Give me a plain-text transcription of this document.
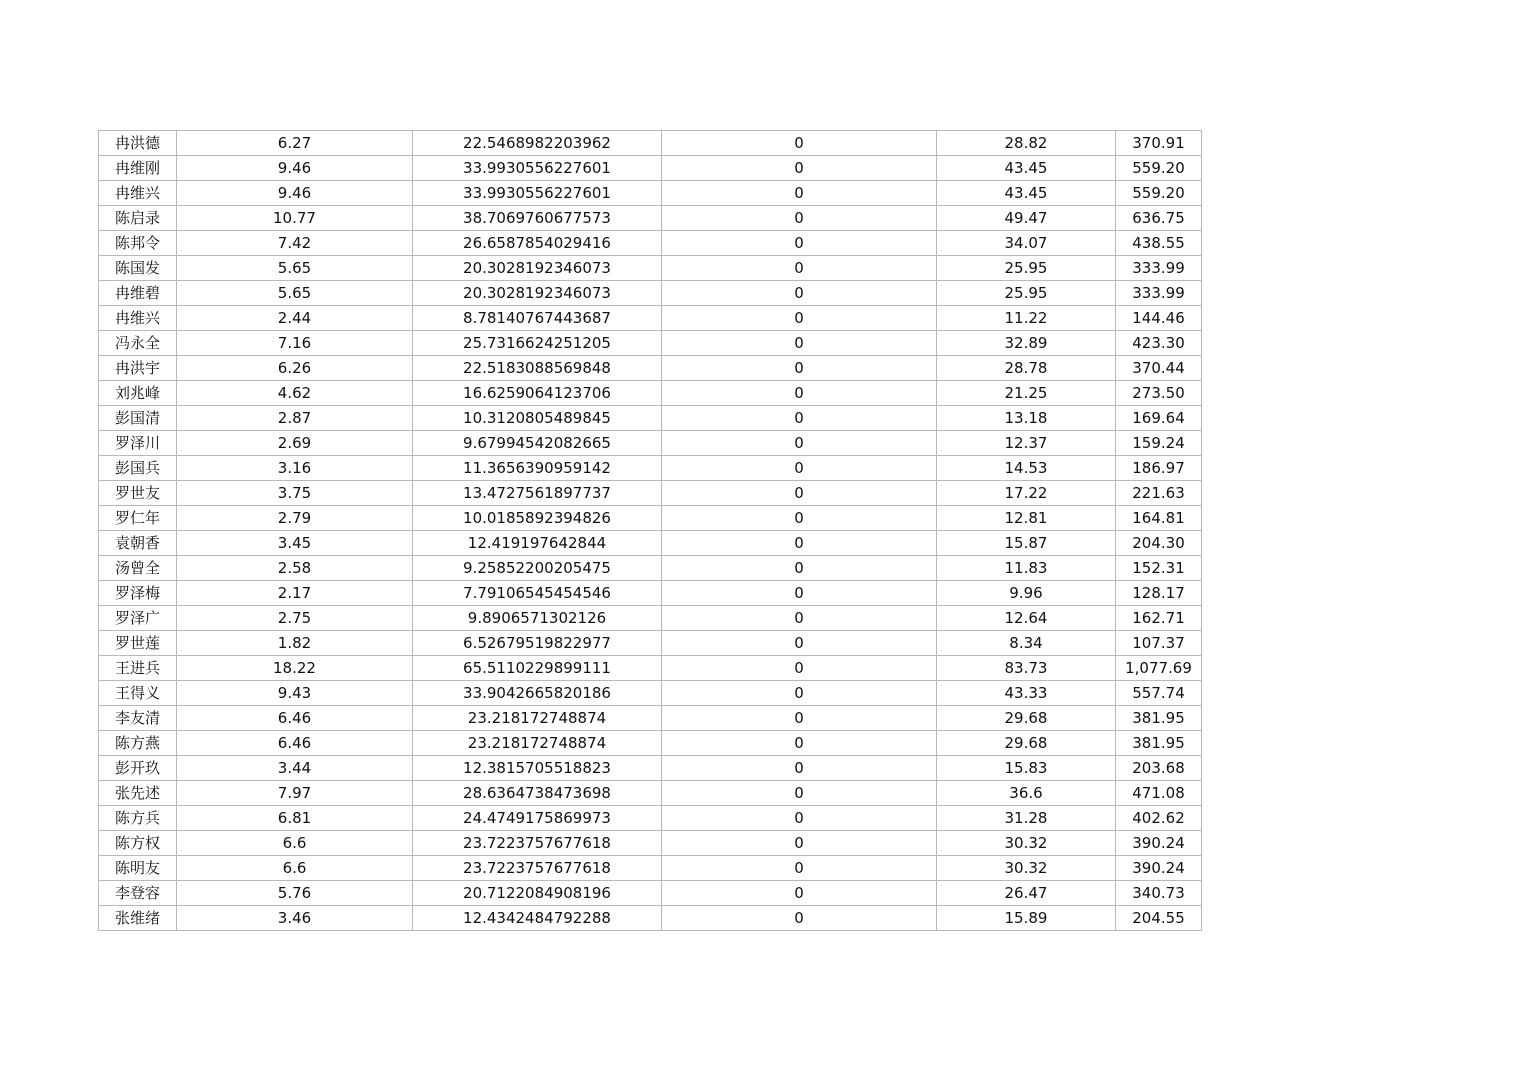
冉洪德	6.27	22.5468982203962	0	28.82	370.91
冉维刚	9.46	33.9930556227601	0	43.45	559.20
冉维兴	9.46	33.9930556227601	0	43.45	559.20
陈启录	10.77	38.7069760677573	0	49.47	636.75
陈邦令	7.42	26.6587854029416	0	34.07	438.55
陈国发	5.65	20.3028192346073	0	25.95	333.99
冉维碧	5.65	20.3028192346073	0	25.95	333.99
冉维兴	2.44	8.78140767443687	0	11.22	144.46
冯永全	7.16	25.7316624251205	0	32.89	423.30
冉洪宇	6.26	22.5183088569848	0	28.78	370.44
刘兆峰	4.62	16.6259064123706	0	21.25	273.50
彭国清	2.87	10.3120805489845	0	13.18	169.64
罗泽川	2.69	9.67994542082665	0	12.37	159.24
彭国兵	3.16	11.3656390959142	0	14.53	186.97
罗世友	3.75	13.4727561897737	0	17.22	221.63
罗仁年	2.79	10.0185892394826	0	12.81	164.81
袁朝香	3.45	12.419197642844	0	15.87	204.30
汤曾全	2.58	9.25852200205475	0	11.83	152.31
罗泽梅	2.17	7.79106545454546	0	9.96	128.17
罗泽广	2.75	9.8906571302126	0	12.64	162.71
罗世莲	1.82	6.52679519822977	0	8.34	107.37
王进兵	18.22	65.5110229899111	0	83.73	1,077.69
王得义	9.43	33.9042665820186	0	43.33	557.74
李友清	6.46	23.218172748874	0	29.68	381.95
陈方燕	6.46	23.218172748874	0	29.68	381.95
彭开玖	3.44	12.3815705518823	0	15.83	203.68
张先述	7.97	28.6364738473698	0	36.6	471.08
陈方兵	6.81	24.4749175869973	0	31.28	402.62
陈方权	6.6	23.7223757677618	0	30.32	390.24
陈明友	6.6	23.7223757677618	0	30.32	390.24
李登容	5.76	20.7122084908196	0	26.47	340.73
张维绪	3.46	12.4342484792288	0	15.89	204.55
